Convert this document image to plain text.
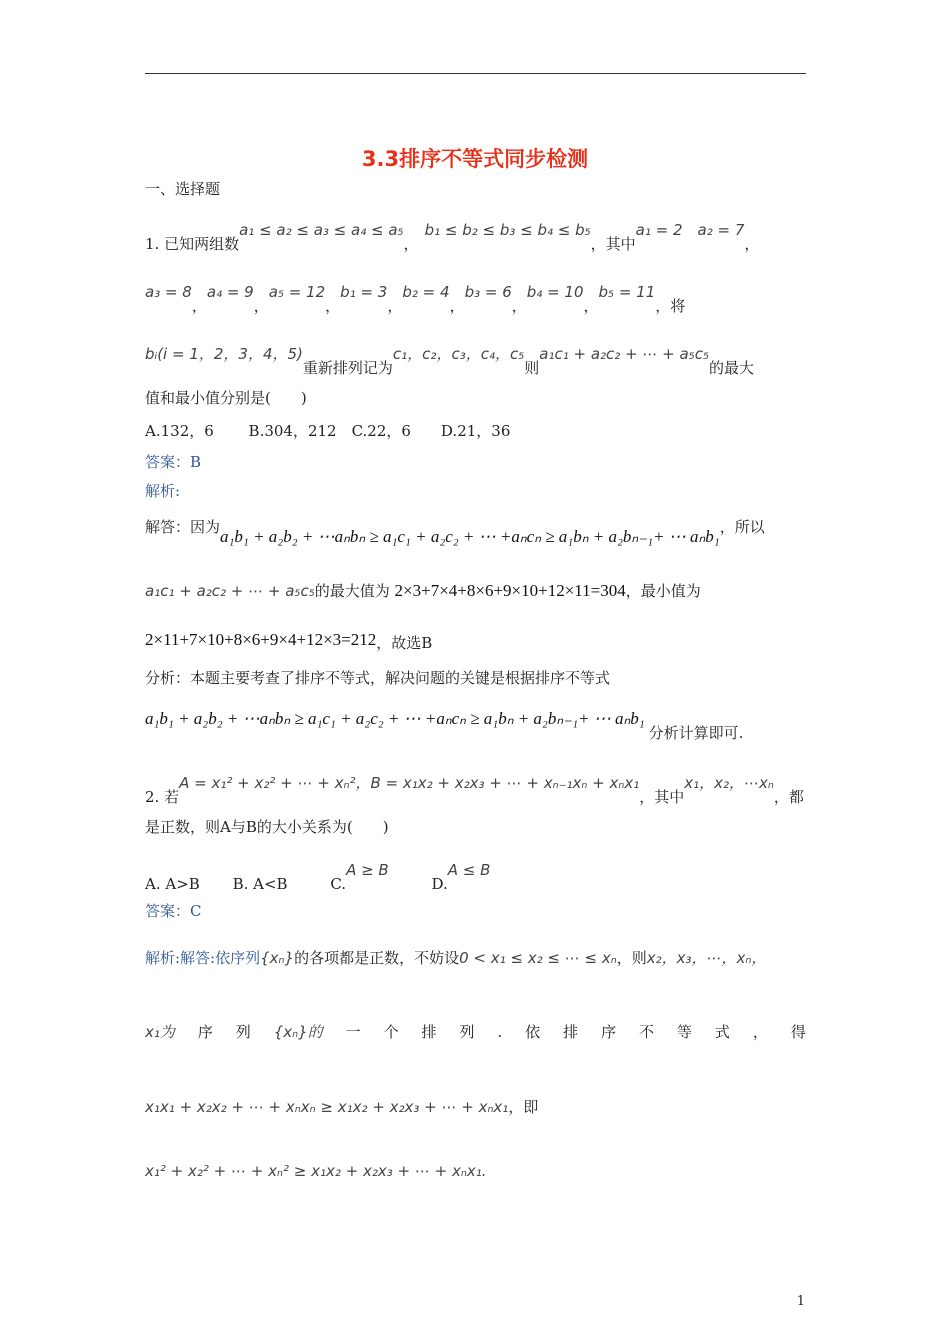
3.3排序不等式同步检测
一、选择题
1. 已知两组数a₁ ≤ a₂ ≤ a₃ ≤ a₄ ≤ a₅，b₁ ≤ b₂ ≤ b₃ ≤ b₄ ≤ b₅，其中a₁ = 2　 a₂ = 7，
a₃ = 8，a₄ = 9，a₅ = 12，b₁ = 3，b₂ = 4，b₃ = 6，b₄ = 10，b₅ = 11，将
bᵢ(i = 1，2，3，4，5)重新排列记为c₁，c₂，c₃，c₄，c₅则a₁c₁ + a₂c₂ + ⋯ + a₅c₅的最大
值和最小值分别是(　　)
A.132，6　　 B.304，212　C.22，6　　D.21，36
答案：B
解析:
解答：因为a₁b₁ + a₂b₂ + ⋯aₙbₙ ≥ a₁c₁ + a₂c₂ + ⋯ +aₙcₙ ≥ a₁bₙ + a₂bₙ₋₁+ ⋯ aₙb₁，所以
a₁c₁ + a₂c₂ + ⋯ + a₅c₅的最大值为 2×3+7×4+8×6+9×10+12×11=304，最小值为
2×11+7×10+8×6+9×4+12×3=212，故选B
分析：本题主要考查了排序不等式，解决问题的关键是根据排序不等式
a₁b₁ + a₂b₂ + ⋯aₙbₙ ≥ a₁c₁ + a₂c₂ + ⋯ +aₙcₙ ≥ a₁bₙ + a₂bₙ₋₁+ ⋯ aₙb₁分析计算即可.
2. 若A = x₁² + x₂² + ⋯ + xₙ²，B = x₁x₂ + x₂x₃ + ⋯ + xₙ₋₁xₙ + xₙx₁，其中x₁，x₂，⋯xₙ，都
是正数，则A与B的大小关系为(　　)
A. A>B B. A<B	C.A ≥ B D.A ≤ B
答案：C
解析:解答:依序列{xₙ}的各项都是正数，不妨设0 < x₁ ≤ x₂ ≤ ⋯ ≤ xₙ，则x₂，x₃，⋯，xₙ，
x₁为 序 列 {xₙ}的 一 个 排 列 . 依 排 序 不 等 式 ， 得
x₁x₁ + x₂x₂ + ⋯ + xₙxₙ ≥ x₁x₂ + x₂x₃ + ⋯ + xₙx₁，即
x₁² + x₂² + ⋯ + xₙ² ≥ x₁x₂ + x₂x₃ + ⋯ + xₙx₁.
1
